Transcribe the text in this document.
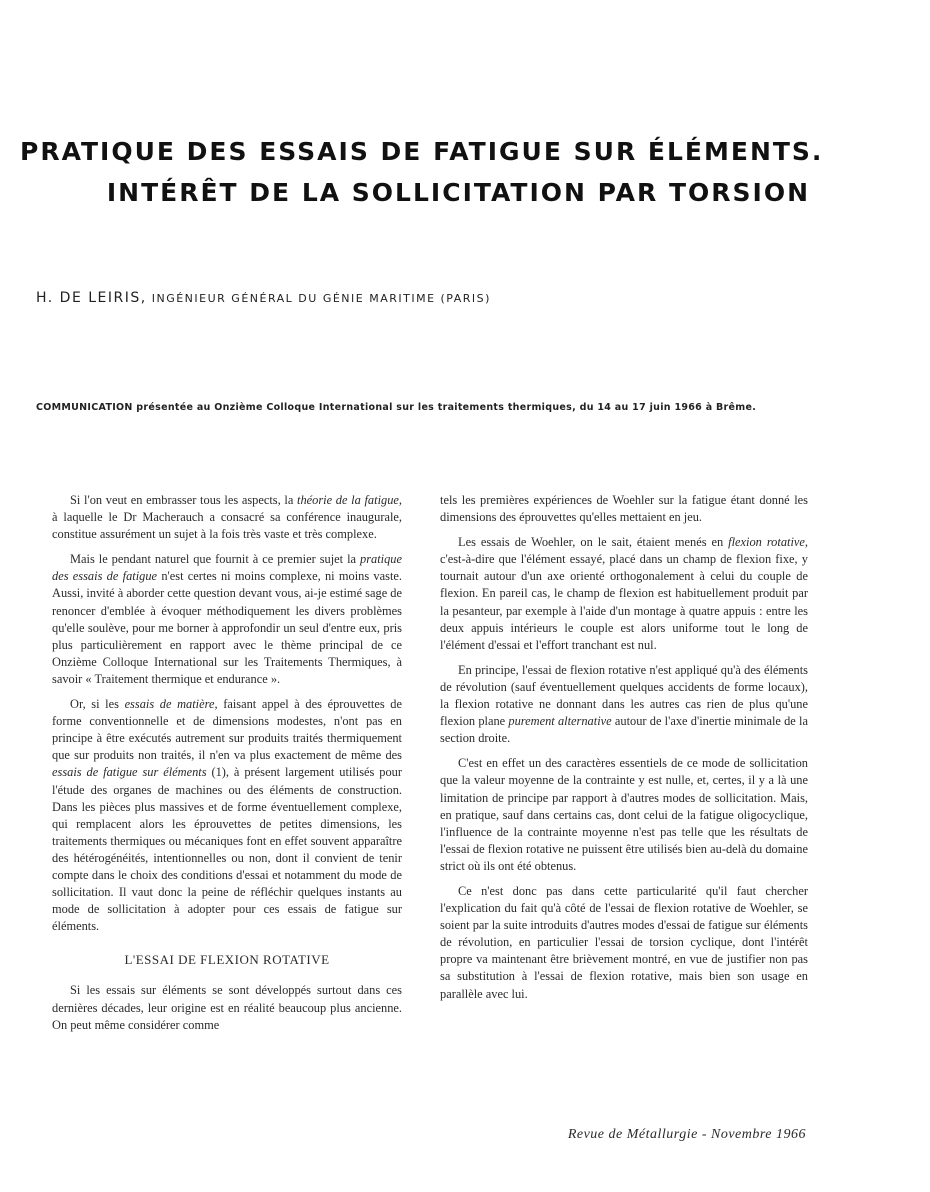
PRATIQUE DES ESSAIS DE FATIGUE SUR ÉLÉMENTS.
INTÉRÊT DE LA SOLLICITATION PAR TORSION
H. DE LEIRIS, INGÉNIEUR GÉNÉRAL DU GÉNIE MARITIME (PARIS)
COMMUNICATION présentée au Onzième Colloque International sur les traitements thermiques, du 14 au 17 juin 1966 à Brême.

Si l'on veut en embrasser tous les aspects, la théorie de la fatigue, à laquelle le Dr Macherauch a consacré sa conférence inaugurale, constitue assurément un sujet à la fois très vaste et très complexe.

Mais le pendant naturel que fournit à ce premier sujet la pratique des essais de fatigue n'est certes ni moins complexe, ni moins vaste. Aussi, invité à aborder cette question devant vous, ai-je estimé sage de renoncer d'emblée à évoquer méthodiquement les divers problèmes qu'elle soulève, pour me borner à approfondir un seul d'entre eux, pris plus particulièrement en rapport avec le thème principal de ce Onzième Colloque International sur les Traitements Thermiques, à savoir « Traitement thermique et endurance ».

Or, si les essais de matière, faisant appel à des éprouvettes de forme conventionnelle et de dimensions modestes, n'ont pas en principe à être exécutés autrement sur produits traités thermiquement que sur produits non traités, il n'en va plus exactement de même des essais de fatigue sur éléments (1), à présent largement utilisés pour l'étude des organes de machines ou des éléments de construction. Dans les pièces plus massives et de forme éventuellement complexe, qui remplacent alors les éprouvettes de petites dimensions, les traitements thermiques ou mécaniques font en effet souvent apparaître des hétérogénéités, intentionnelles ou non, dont il convient de tenir compte dans le choix des conditions d'essai et notamment du mode de sollicitation. Il vaut donc la peine de réfléchir quelques instants au mode de sollicitation à adopter pour ces essais de fatigue sur éléments.

L'ESSAI DE FLEXION ROTATIVE

Si les essais sur éléments se sont développés surtout dans ces dernières décades, leur origine est en réalité beaucoup plus ancienne. On peut même considérer comme

tels les premières expériences de Woehler sur la fatigue étant donné les dimensions des éprouvettes qu'elles mettaient en jeu.

Les essais de Woehler, on le sait, étaient menés en flexion rotative, c'est-à-dire que l'élément essayé, placé dans un champ de flexion fixe, y tournait autour d'un axe orienté orthogonalement à celui du couple de flexion. En pareil cas, le champ de flexion est habituellement produit par la pesanteur, par exemple à l'aide d'un montage à quatre appuis : entre les deux appuis intérieurs le couple est alors uniforme tout le long de l'élément d'essai et l'effort tranchant est nul.

En principe, l'essai de flexion rotative n'est appliqué qu'à des éléments de révolution (sauf éventuellement quelques accidents de forme locaux), la flexion rotative ne donnant dans les autres cas rien de plus qu'une flexion plane purement alternative autour de l'axe d'inertie minimale de la section droite.

C'est en effet un des caractères essentiels de ce mode de sollicitation que la valeur moyenne de la contrainte y est nulle, et, certes, il y a là une limitation de principe par rapport à d'autres modes de sollicitation. Mais, en pratique, sauf dans certains cas, dont celui de la fatigue oligocyclique, l'influence de la contrainte moyenne n'est pas telle que les résultats de l'essai de flexion rotative ne puissent être utilisés bien au-delà du domaine strict où ils ont été obtenus.

Ce n'est donc pas dans cette particularité qu'il faut chercher l'explication du fait qu'à côté de l'essai de flexion rotative de Woehler, se soient par la suite introduits d'autres modes d'essai de fatigue sur éléments de révolution, en particulier l'essai de torsion cyclique, dont l'intérêt propre va maintenant être brièvement montré, en vue de justifier non pas sa substitution à l'essai de flexion rotative, mais bien son usage en parallèle avec lui.

Revue de Métallurgie - Novembre 1966
